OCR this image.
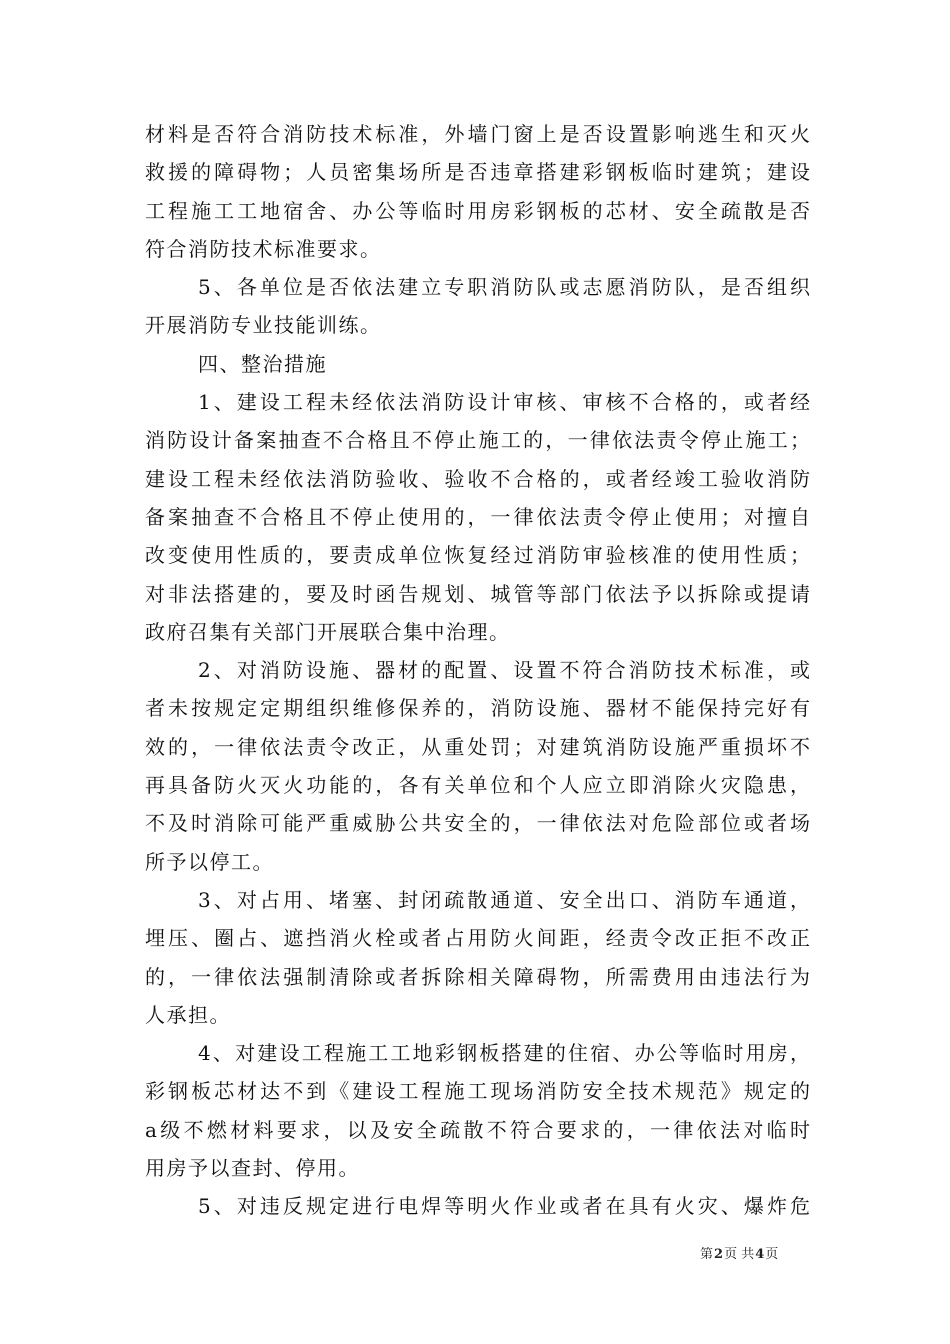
材料是否符合消防技术标准，外墙门窗上是否设置影响逃生和灭火
救援的障碍物；人员密集场所是否违章搭建彩钢板临时建筑；建设
工程施工工地宿舍、办公等临时用房彩钢板的芯材、安全疏散是否
符合消防技术标准要求。
5、各单位是否依法建立专职消防队或志愿消防队，是否组织
开展消防专业技能训练。
四、整治措施
1、建设工程未经依法消防设计审核、审核不合格的，或者经
消防设计备案抽查不合格且不停止施工的，一律依法责令停止施工；
建设工程未经依法消防验收、验收不合格的，或者经竣工验收消防
备案抽查不合格且不停止使用的，一律依法责令停止使用；对擅自
改变使用性质的，要责成单位恢复经过消防审验核准的使用性质；
对非法搭建的，要及时函告规划、城管等部门依法予以拆除或提请
政府召集有关部门开展联合集中治理。
2、对消防设施、器材的配置、设置不符合消防技术标准，或
者未按规定定期组织维修保养的，消防设施、器材不能保持完好有
效的，一律依法责令改正，从重处罚；对建筑消防设施严重损坏不
再具备防火灭火功能的，各有关单位和个人应立即消除火灾隐患，
不及时消除可能严重威胁公共安全的，一律依法对危险部位或者场
所予以停工。
3、对占用、堵塞、封闭疏散通道、安全出口、消防车通道，
埋压、圈占、遮挡消火栓或者占用防火间距，经责令改正拒不改正
的，一律依法强制清除或者拆除相关障碍物，所需费用由违法行为
人承担。
4、对建设工程施工工地彩钢板搭建的住宿、办公等临时用房，
彩钢板芯材达不到《建设工程施工现场消防安全技术规范》规定的
a级不燃材料要求，以及安全疏散不符合要求的，一律依法对临时
用房予以查封、停用。
5、对违反规定进行电焊等明火作业或者在具有火灾、爆炸危
第2页 共4页
